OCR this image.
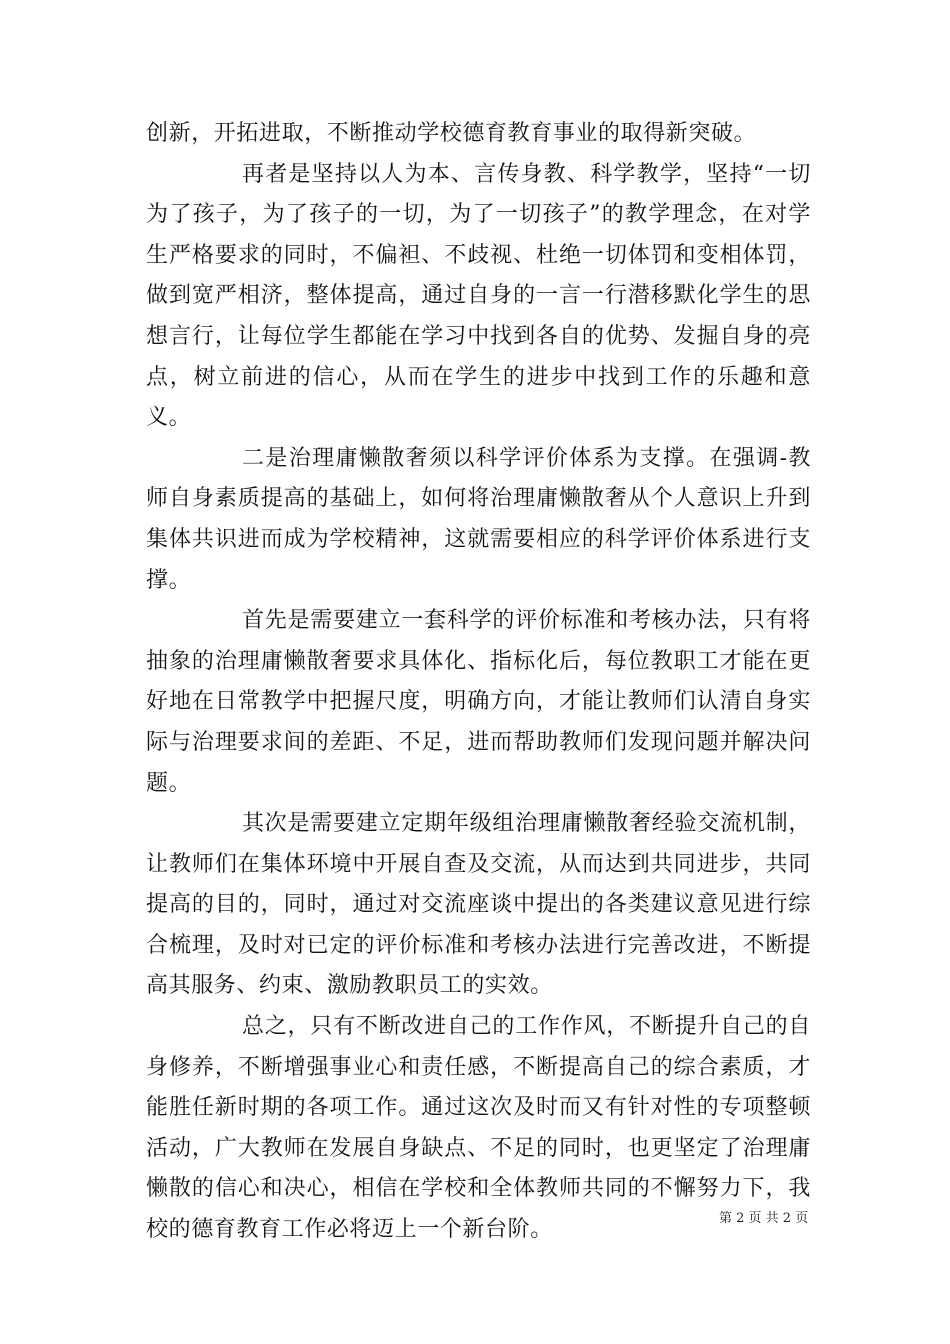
创新，开拓进取，不断推动学校德育教育事业的取得新突破。

再者是坚持以人为本、言传身教、科学教学，坚持“一切为了孩子，为了孩子的一切，为了一切孩子”的教学理念，在对学生严格要求的同时，不偏袒、不歧视、杜绝一切体罚和变相体罚，做到宽严相济，整体提高，通过自身的一言一行潜移默化学生的思想言行，让每位学生都能在学习中找到各自的优势、发掘自身的亮点，树立前进的信心，从而在学生的进步中找到工作的乐趣和意义。

二是治理庸懒散奢须以科学评价体系为支撑。在强调-教师自身素质提高的基础上，如何将治理庸懒散奢从个人意识上升到集体共识进而成为学校精神，这就需要相应的科学评价体系进行支撑。

首先是需要建立一套科学的评价标准和考核办法，只有将抽象的治理庸懒散奢要求具体化、指标化后，每位教职工才能在更好地在日常教学中把握尺度，明确方向，才能让教师们认清自身实际与治理要求间的差距、不足，进而帮助教师们发现问题并解决问题。

其次是需要建立定期年级组治理庸懒散奢经验交流机制，让教师们在集体环境中开展自查及交流，从而达到共同进步，共同提高的目的，同时，通过对交流座谈中提出的各类建议意见进行综合梳理，及时对已定的评价标准和考核办法进行完善改进，不断提高其服务、约束、激励教职员工的实效。

总之，只有不断改进自己的工作作风，不断提升自己的自身修养，不断增强事业心和责任感，不断提高自己的综合素质，才能胜任新时期的各项工作。通过这次及时而又有针对性的专项整顿活动，广大教师在发展自身缺点、不足的同时，也更坚定了治理庸懒散的信心和决心，相信在学校和全体教师共同的不懈努力下，我校的德育教育工作必将迈上一个新台阶。	第 2 页 共 2 页
